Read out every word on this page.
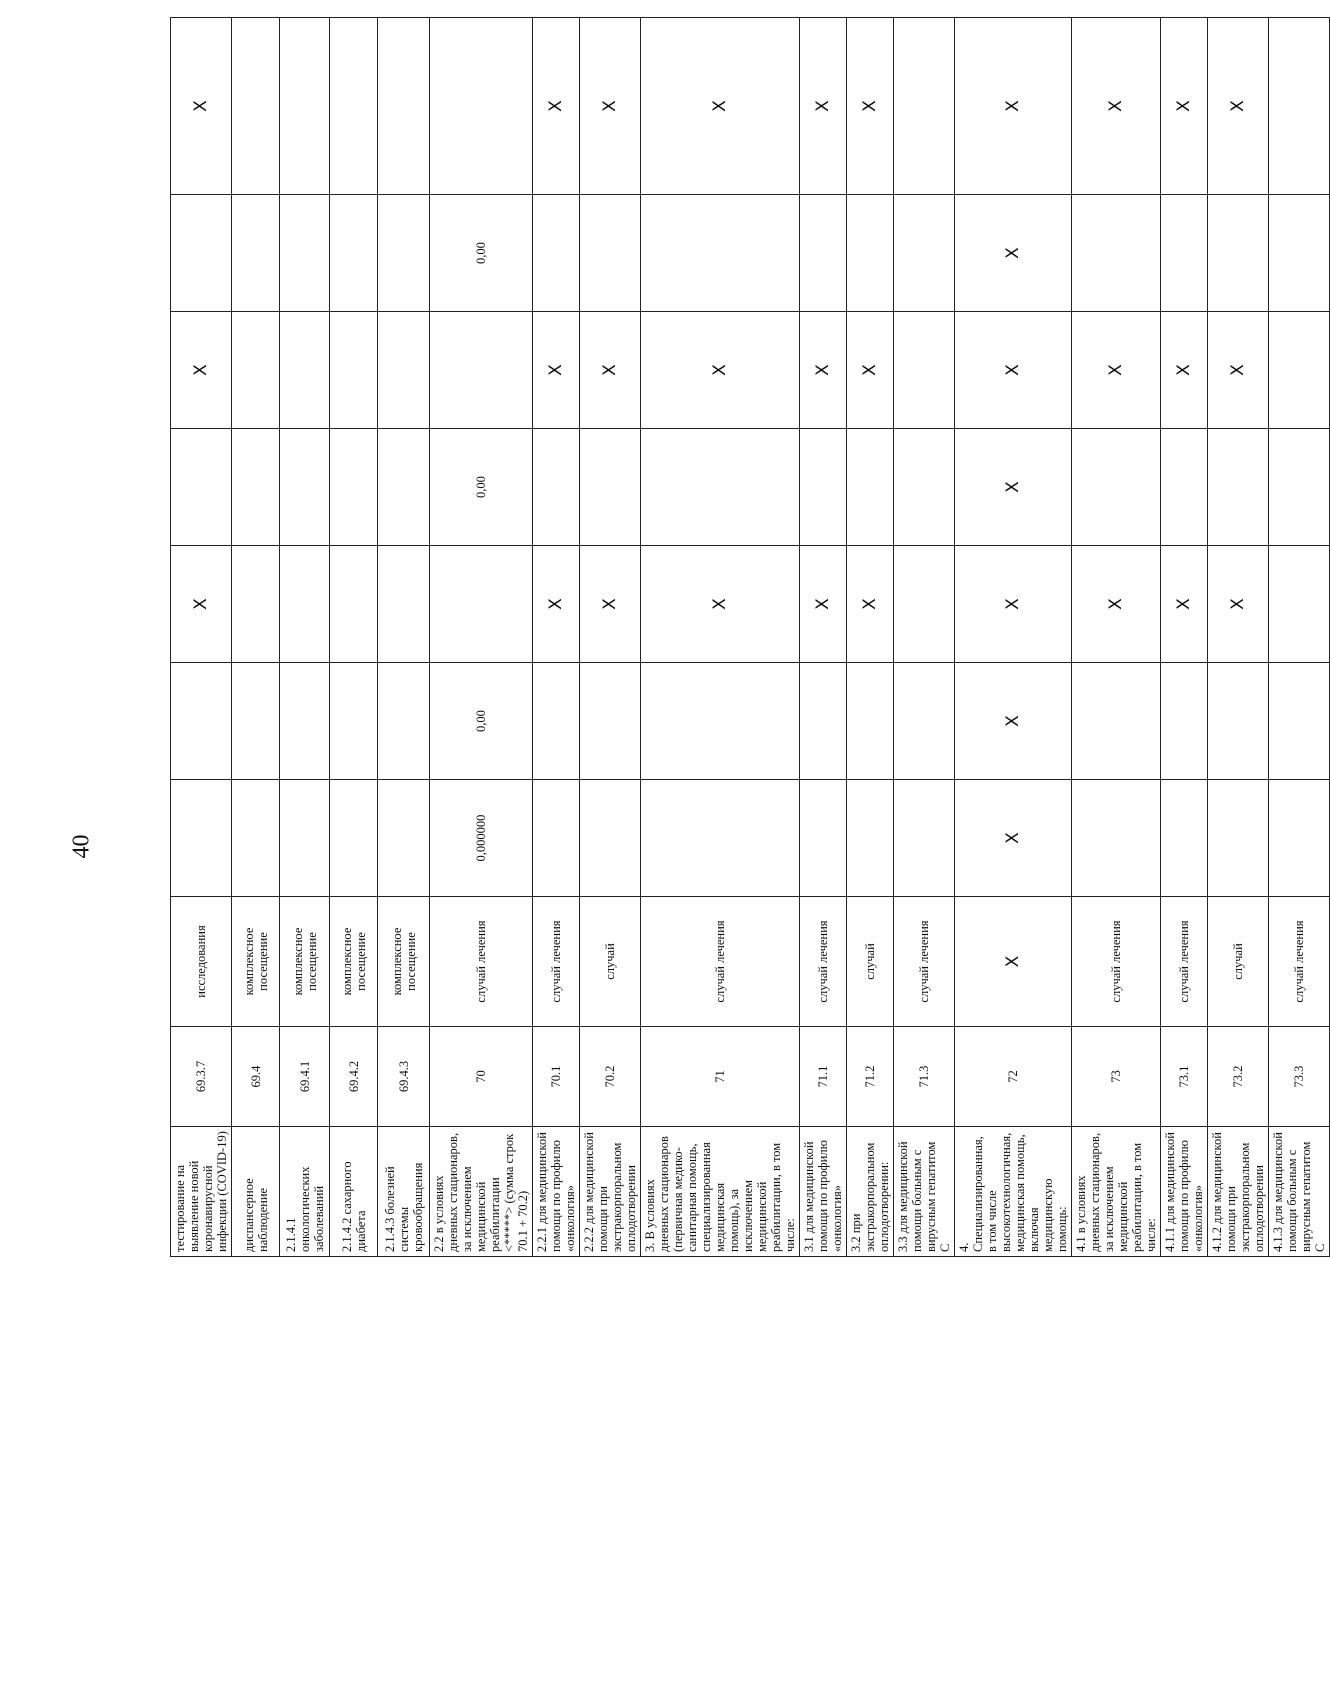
40
тестирование на выявление новой коронавирусной инфекции (COVID-19)	69.3.7	исследования			X		X		X
диспансерное наблюдение	69.4	комплексное посещение							
2.1.4.1 онкологических заболеваний	69.4.1	комплексное посещение							
2.1.4.2 сахарного диабета	69.4.2	комплексное посещение							
2.1.4.3 болезней системы кровообращения	69.4.3	комплексное посещение							
2.2 в условиях дневных стационаров, за исключением медицинской реабилитации <*****> (сумма строк 70.1 + 70.2)	70	случай лечения	0,000000	0,00		0,00		0,00	
2.2.1 для медицинской помощи по профилю «онкология»	70.1	случай лечения			X		X		X
2.2.2 для медицинской помощи при экстракорпоральном оплодотворении	70.2	случай			X		X		X
3. В условиях дневных стационаров (первичная медико-санитарная помощь, специализированная медицинская помощь), за исключением медицинской реабилитации, в том числе:	71	случай лечения			X		X		X
3.1 для медицинской помощи по профилю «онкология»	71.1	случай лечения			X		X		X
3.2 при экстракорпоральном оплодотворении:	71.2	случай			X		X		X
3.3 для медицинской помощи больным с вирусным гепатитом С	71.3	случай лечения							
4. Специализированная, в том числе высокотехнологичная, медицинская помощь, включая медицинскую помощь:	72	X	X	X	X	X	X	X	X
4.1 в условиях дневных стационаров, за исключением медицинской реабилитации, в том числе:	73	случай лечения			X		X		X
4.1.1 для медицинской помощи по профилю «онкология»	73.1	случай лечения			X		X		X
4.1.2 для медицинской помощи при экстракорпоральном оплодотворении	73.2	случай			X		X		X
4.1.3 для медицинской помощи больным с вирусным гепатитом С	73.3	случай лечения							
